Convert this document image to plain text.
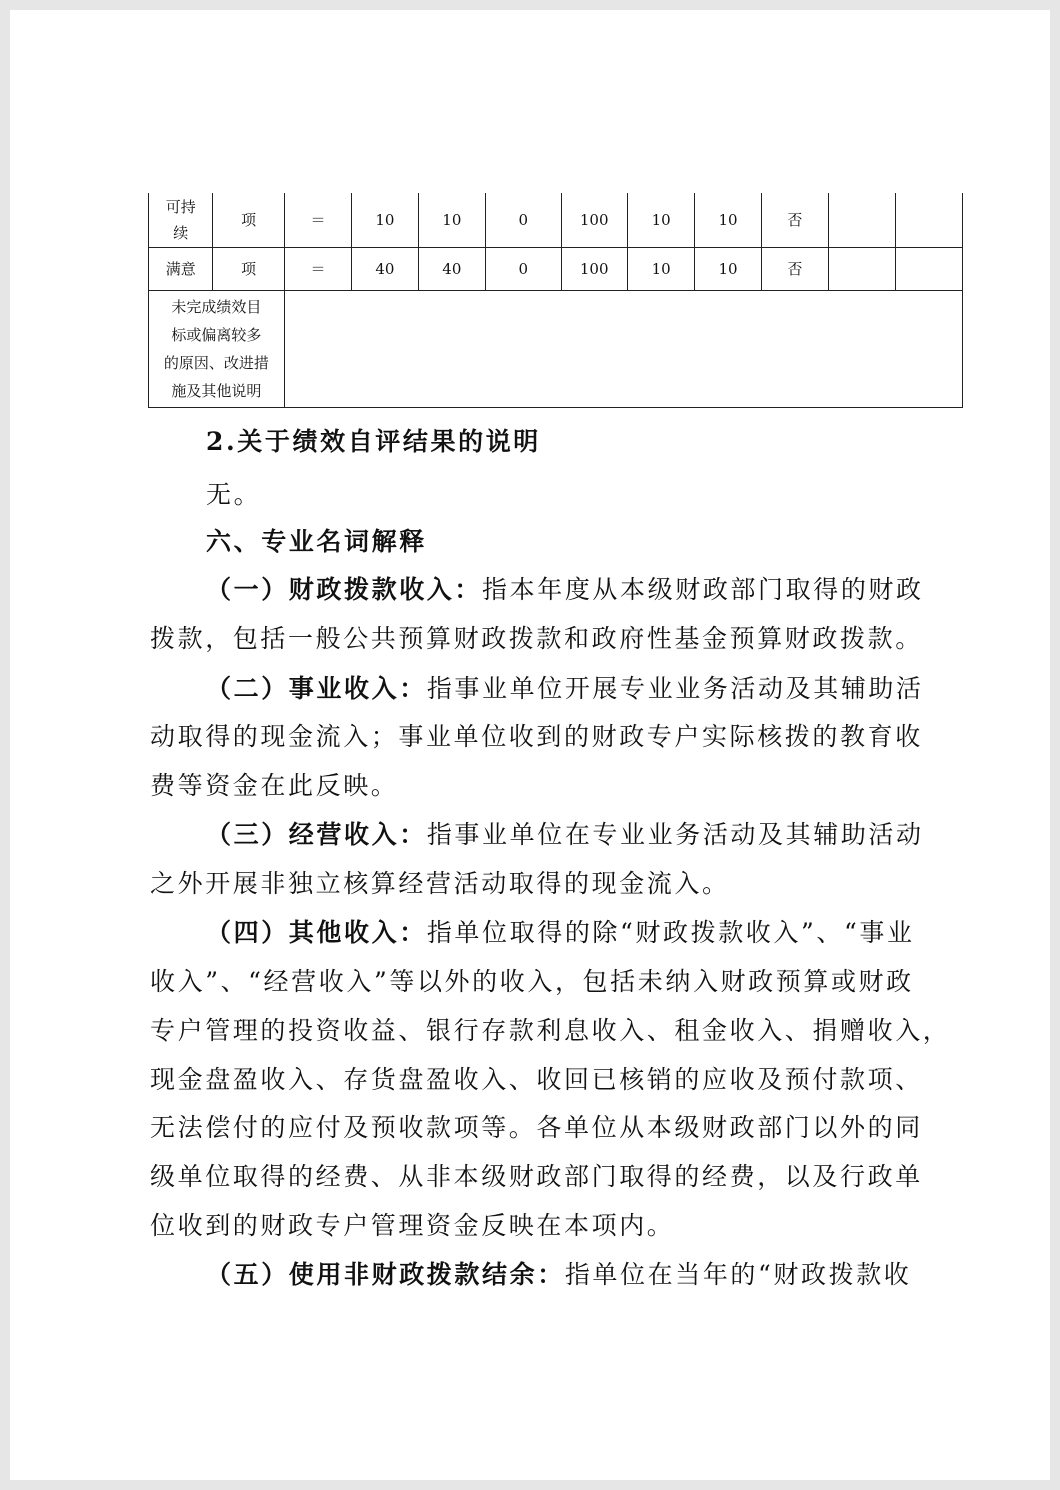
可持
续	项	＝	10	10	0	100	10	10	否		
满意	项	＝	40	40	0	100	10	10	否		
未完成绩效目
标或偏离较多
的原因、改进措
施及其他说明											
2.关于绩效自评结果的说明
无。
六、专业名词解释
（一）财政拨款收入：指本年度从本级财政部门取得的财政
拨款，包括一般公共预算财政拨款和政府性基金预算财政拨款。
（二）事业收入：指事业单位开展专业业务活动及其辅助活
动取得的现金流入；事业单位收到的财政专户实际核拨的教育收
费等资金在此反映。
（三）经营收入：指事业单位在专业业务活动及其辅助活动
之外开展非独立核算经营活动取得的现金流入。
（四）其他收入：指单位取得的除“财政拨款收入”、“事业
收入”、“经营收入”等以外的收入，包括未纳入财政预算或财政
专户管理的投资收益、银行存款利息收入、租金收入、捐赠收入，
现金盘盈收入、存货盘盈收入、收回已核销的应收及预付款项、
无法偿付的应付及预收款项等。各单位从本级财政部门以外的同
级单位取得的经费、从非本级财政部门取得的经费，以及行政单
位收到的财政专户管理资金反映在本项内。
（五）使用非财政拨款结余：指单位在当年的“财政拨款收
